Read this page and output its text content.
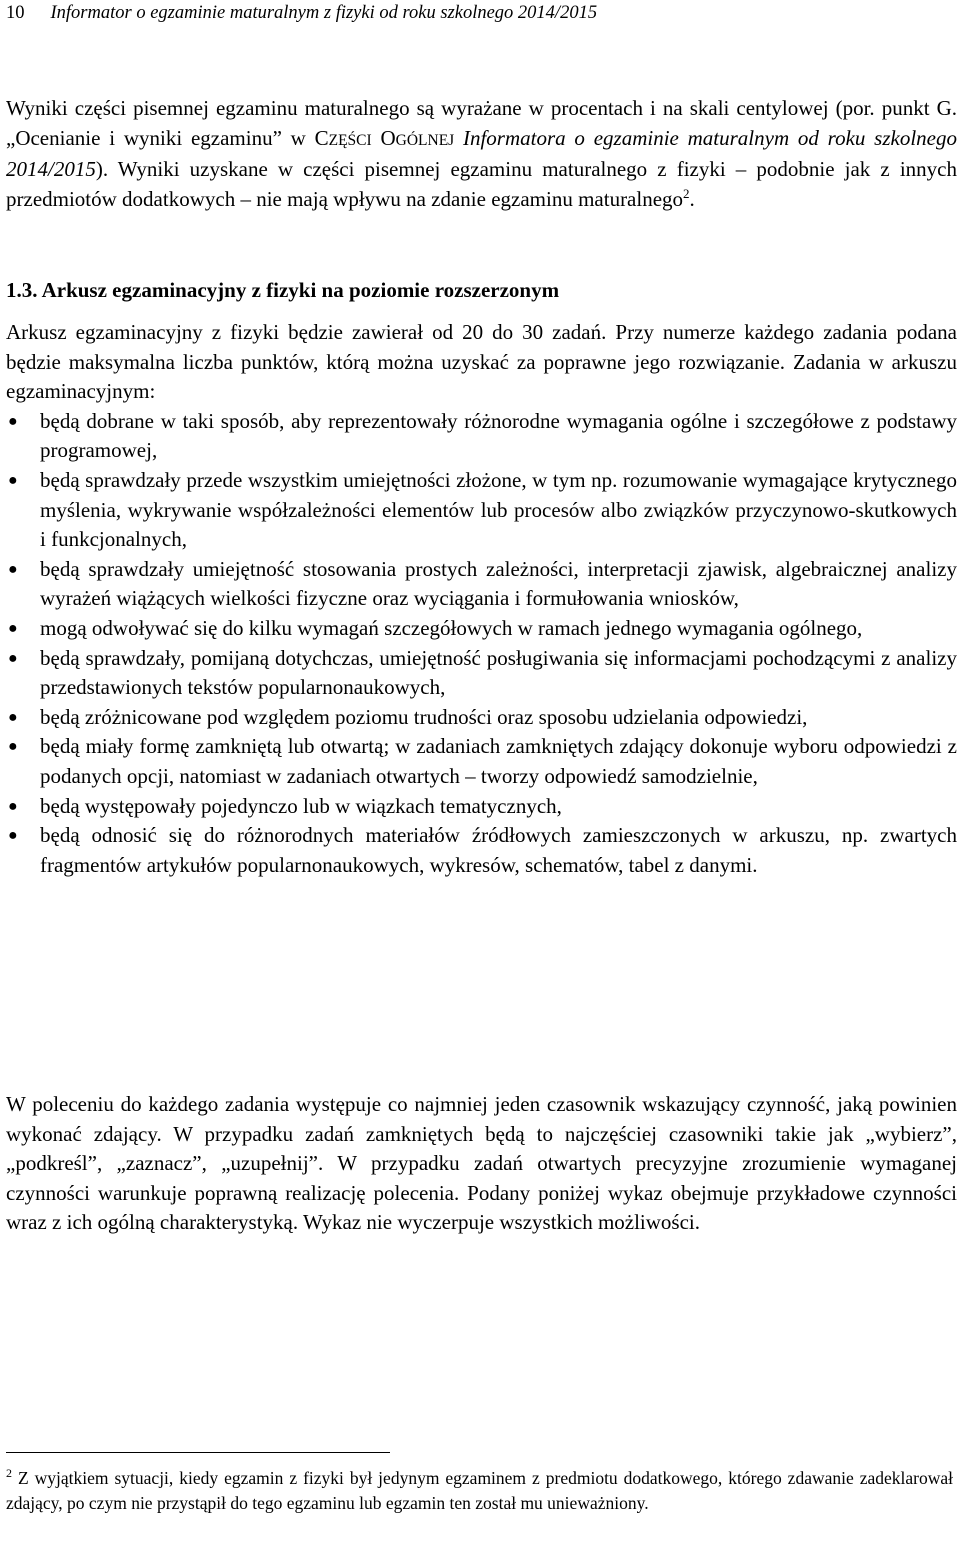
10 Informator o egzaminie maturalnym z fizyki od roku szkolnego 2014/2015
Wyniki części pisemnej egzaminu maturalnego są wyrażane w procentach i na skali centylowej (por. punkt G. „Ocenianie i wyniki egzaminu” w CZĘŚCI OGÓLNEJ Informatora o egzaminie maturalnym od roku szkolnego 2014/2015). Wyniki uzyskane w części pisemnej egzaminu maturalnego z fizyki – podobnie jak z innych przedmiotów dodatkowych – nie mają wpływu na zdanie egzaminu maturalnego$^2$.
1.3. Arkusz egzaminacyjny z fizyki na poziomie rozszerzonym
Arkusz egzaminacyjny z fizyki będzie zawierał od 20 do 30 zadań. Przy numerze każdego zadania podana będzie maksymalna liczba punktów, którą można uzyskać za poprawne jego rozwiązanie. Zadania w arkuszu egzaminacyjnym:
● będą dobrane w taki sposób, aby reprezentowały różnorodne wymagania ogólne i szczegółowe z podstawy programowej,
● będą sprawdzały przede wszystkim umiejętności złożone, w tym np. rozumowanie wymagające krytycznego myślenia, wykrywanie współzależności elementów lub procesów albo związków przyczynowo-skutkowych i funkcjonalnych,
● będą sprawdzały umiejętność stosowania prostych zależności, interpretacji zjawisk, algebraicznej analizy wyrażeń wiążących wielkości fizyczne oraz wyciągania i formułowania wniosków,
● mogą odwoływać się do kilku wymagań szczegółowych w ramach jednego wymagania ogólnego,
● będą sprawdzały, pomijaną dotychczas, umiejętność posługiwania się informacjami pochodzącymi z analizy przedstawionych tekstów popularnonaukowych,
● będą zróżnicowane pod względem poziomu trudności oraz sposobu udzielania odpowiedzi,
● będą miały formę zamkniętą lub otwartą; w zadaniach zamkniętych zdający dokonuje wyboru odpowiedzi z podanych opcji, natomiast w zadaniach otwartych – tworzy odpowiedź samodzielnie,
● będą występowały pojedynczo lub w wiązkach tematycznych,
● będą odnosić się do różnorodnych materiałów źródłowych zamieszczonych w arkuszu, np. zwartych fragmentów artykułów popularnonaukowych, wykresów, schematów, tabel z danymi.
W poleceniu do każdego zadania występuje co najmniej jeden czasownik wskazujący czynność, jaką powinien wykonać zdający. W przypadku zadań zamkniętych będą to najczęściej czasowniki takie jak „wybierz”, „podkreśl”, „zaznacz”, „uzupełnij”. W przypadku zadań otwartych precyzyjne zrozumienie wymaganej czynności warunkuje poprawną realizację polecenia. Podany poniżej wykaz obejmuje przykładowe czynności wraz z ich ogólną charakterystyką. Wykaz nie wyczerpuje wszystkich możliwości.
$^2$ Z wyjątkiem sytuacji, kiedy egzamin z fizyki był jedynym egzaminem z predmiotu dodatkowego, którego zdawanie zadeklarował zdający, po czym nie przystąpił do tego egzaminu lub egzamin ten został mu unieważniony.
